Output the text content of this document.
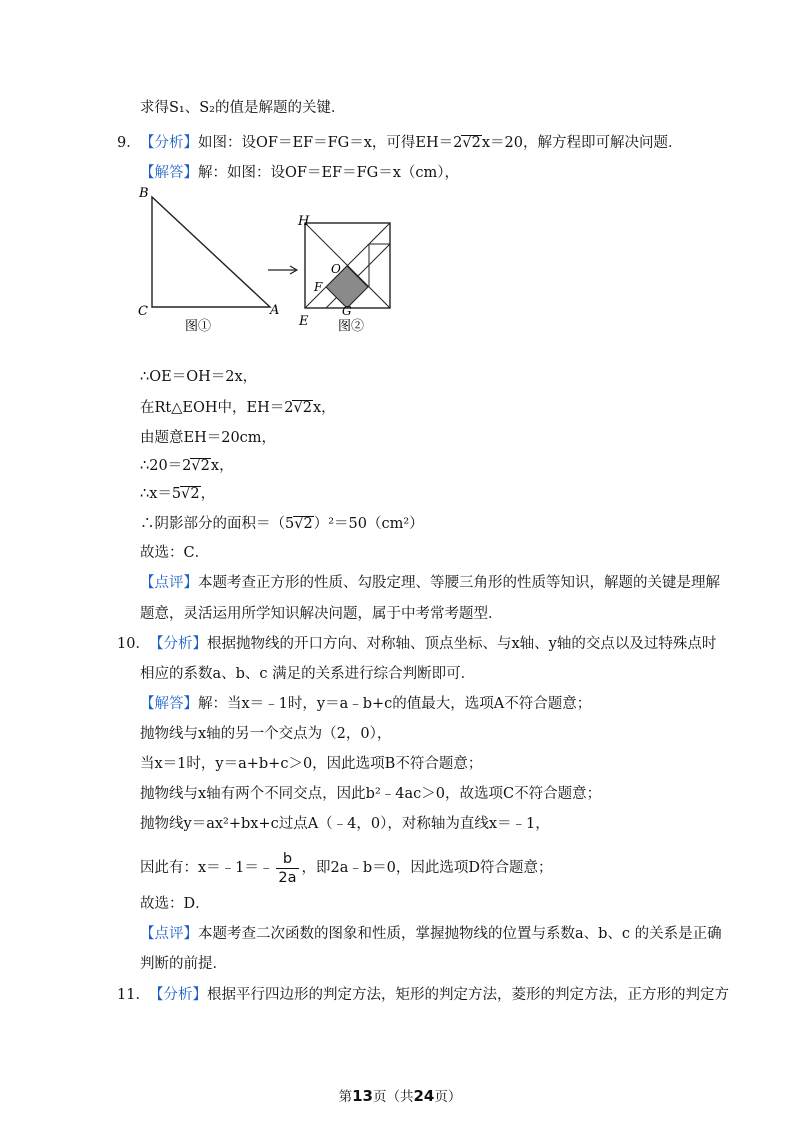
求得S₁、S₂的值是解题的关键．
9．【分析】如图：设OF＝EF＝FG＝x，可得EH＝2√2x＝20，解方程即可解决问题．
【解答】解：如图：设OF＝EF＝FG＝x（cm），
B
C	A
图①
H
O
F
E
G
图②
∴OE＝OH＝2x，
在Rt△EOH中，EH＝2√2x，
由题意EH＝20cm，
∴20＝2√2x，
∴x＝5√2，
∴阴影部分的面积＝（5√2）²＝50（cm²）
故选：C．
【点评】本题考查正方形的性质、勾股定理、等腰三角形的性质等知识，解题的关键是理解
题意，灵活运用所学知识解决问题，属于中考常考题型．
10．【分析】根据抛物线的开口方向、对称轴、顶点坐标、与x轴、y轴的交点以及过特殊点时
相应的系数a、b、c 满足的关系进行综合判断即可．
【解答】解：当x＝﹣1时，y＝a﹣b+c的值最大，选项A不符合题意；
抛物线与x轴的另一个交点为（2，0），
当x＝1时，y＝a+b+c＞0，因此选项B不符合题意；
抛物线与x轴有两个不同交点，因此b²﹣4ac＞0，故选项C不符合题意；
抛物线y＝ax²+bx+c过点A（﹣4，0），对称轴为直线x＝﹣1，
因此有：x＝﹣1＝﹣ $\frac{b}{2a}$ ，即2a﹣b＝0，因此选项D符合题意；
故选：D．
【点评】本题考查二次函数的图象和性质，掌握抛物线的位置与系数a、b、c 的关系是正确
判断的前提．
11．【分析】根据平行四边形的判定方法，矩形的判定方法，菱形的判定方法，正方形的判定方
第13页（共24页）
